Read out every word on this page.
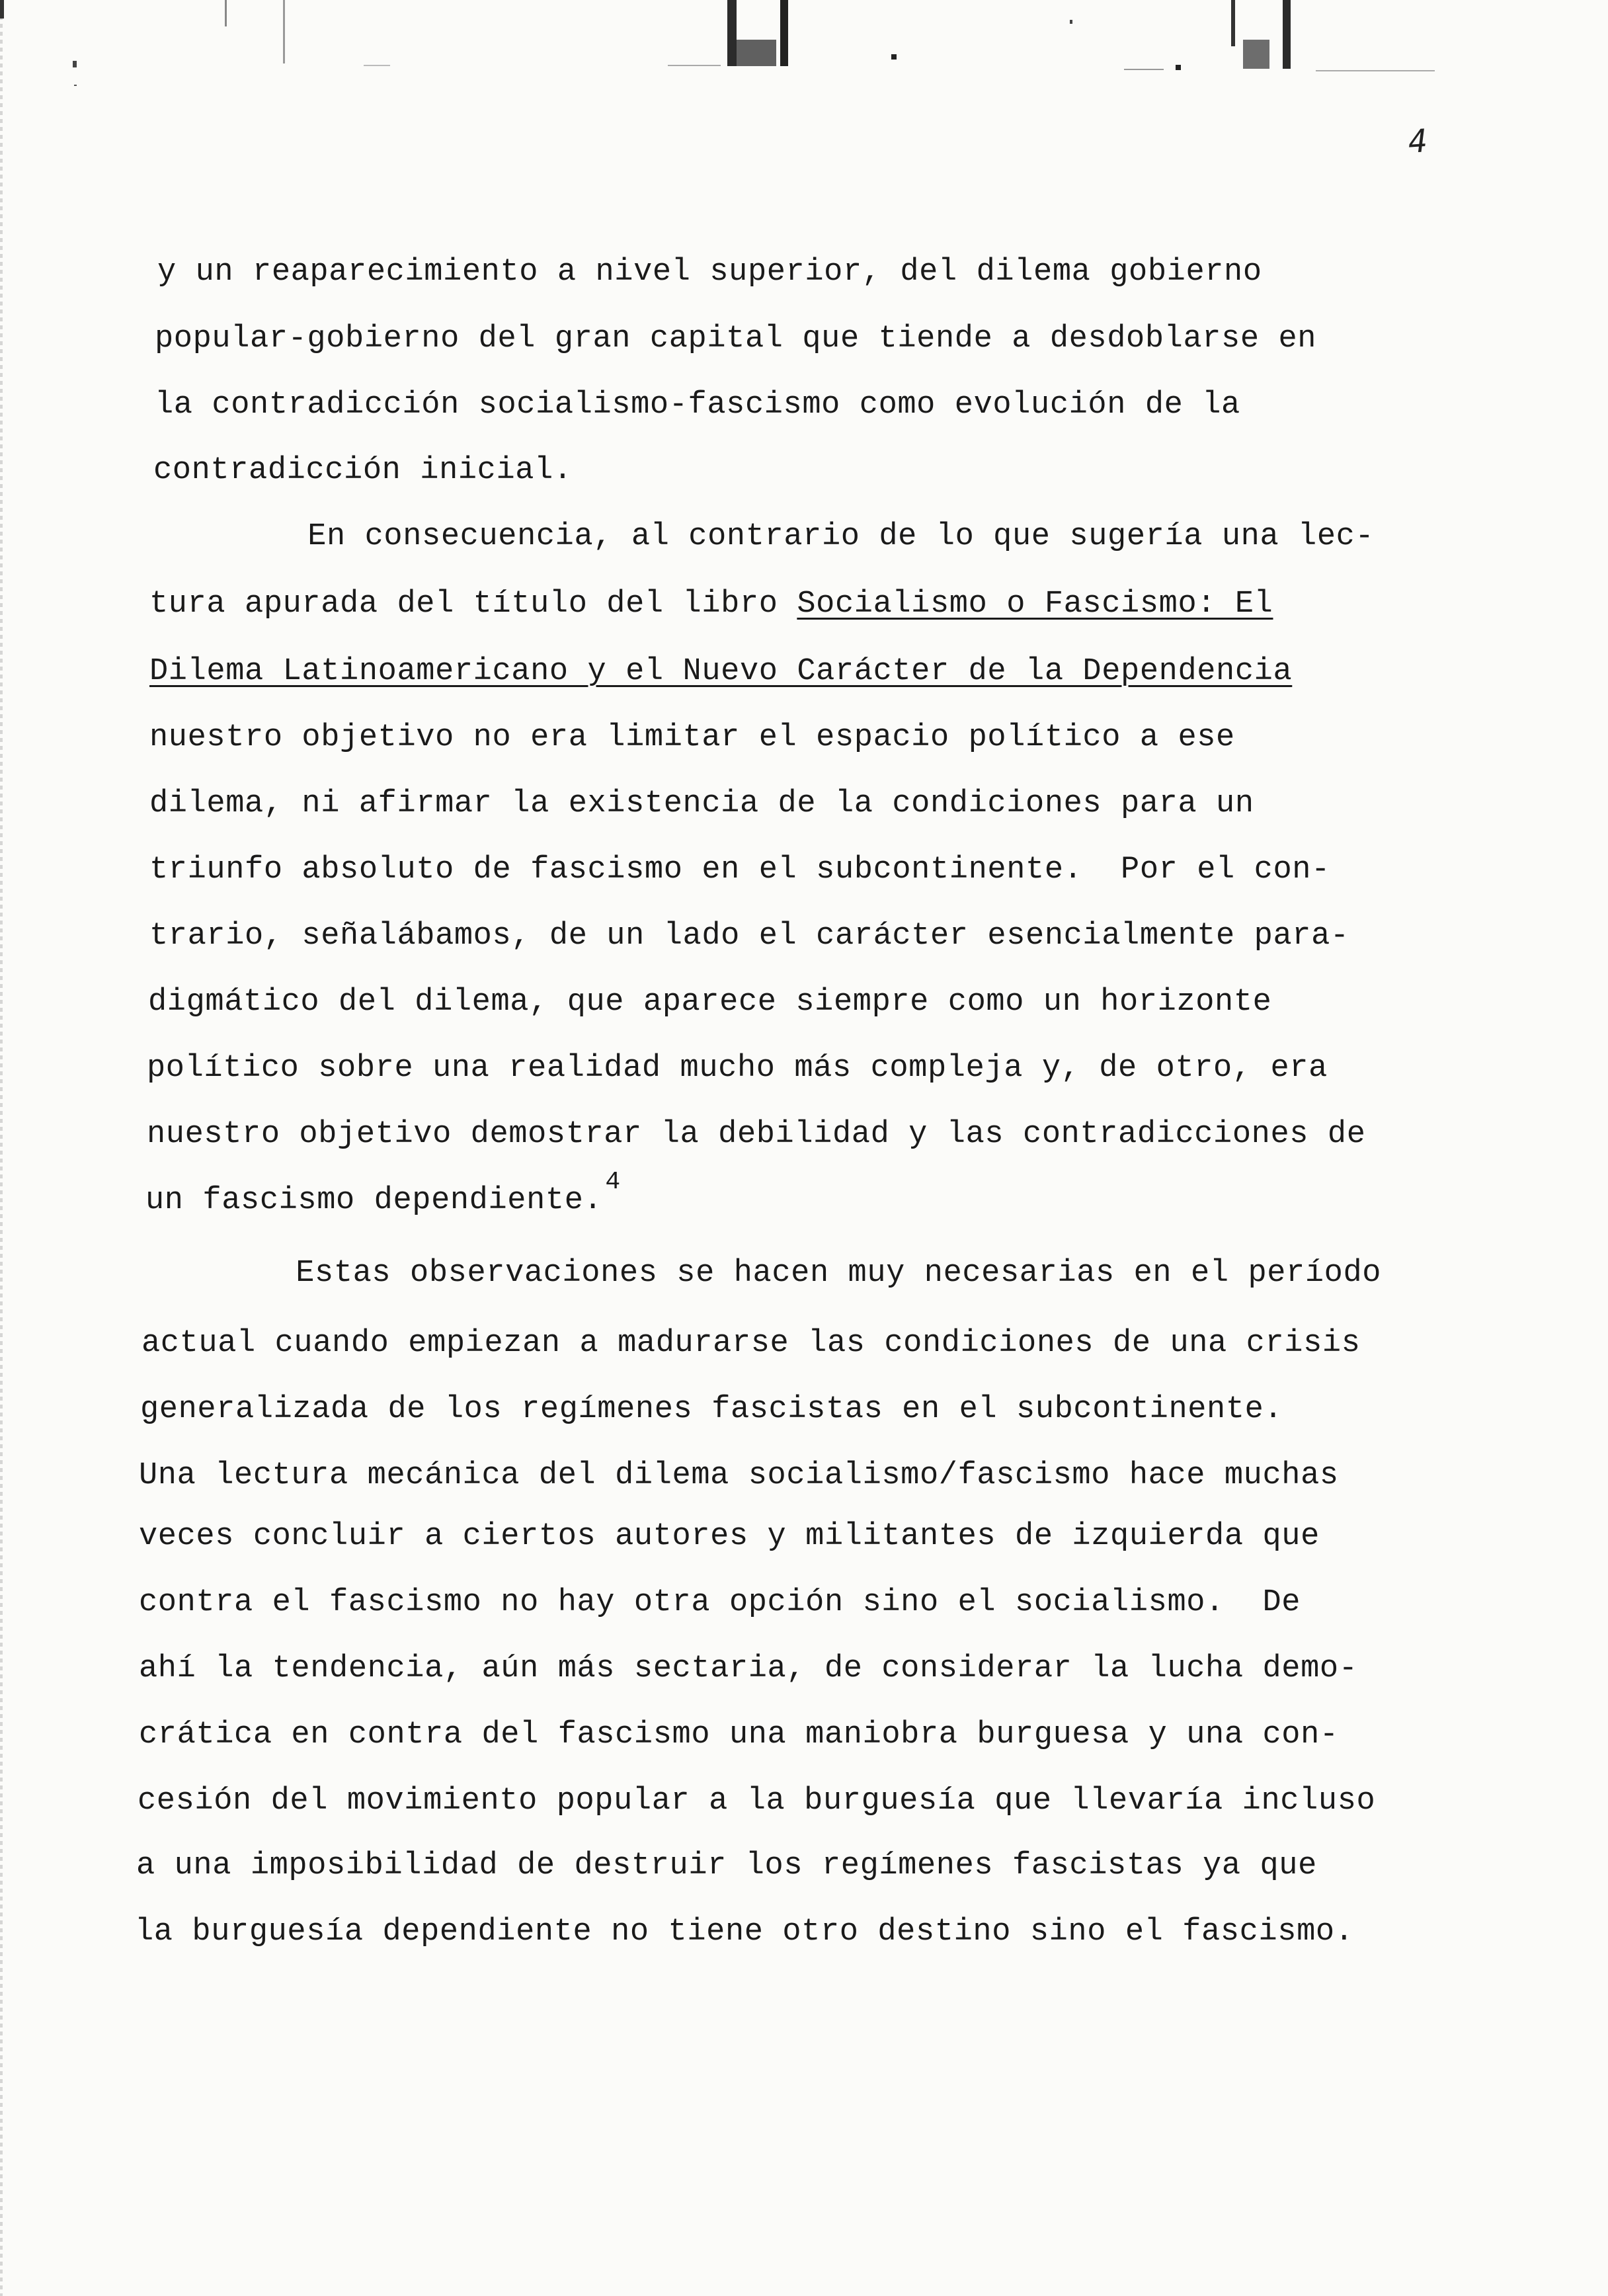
4
y un reaparecimiento a nivel superior, del dilema gobierno
popular-gobierno del gran capital que tiende a desdoblarse en
la contradicción socialismo-fascismo como evolución de la
contradicción inicial.
En consecuencia, al contrario de lo que sugería una lec-
tura apurada del título del libro Socialismo o Fascismo: El
Dilema Latinoamericano y el Nuevo Carácter de la Dependencia
nuestro objetivo no era limitar el espacio político a ese
dilema, ni afirmar la existencia de la condiciones para un
triunfo absoluto de fascismo en el subcontinente.  Por el con-
trario, señalábamos, de un lado el carácter esencialmente para-
digmático del dilema, que aparece siempre como un horizonte
político sobre una realidad mucho más compleja y, de otro, era
nuestro objetivo demostrar la debilidad y las contradicciones de
un fascismo dependiente.$^4$
Estas observaciones se hacen muy necesarias en el período
actual cuando empiezan a madurarse las condiciones de una crisis
generalizada de los regímenes fascistas en el subcontinente.
Una lectura mecánica del dilema socialismo/fascismo hace muchas
veces concluir a ciertos autores y militantes de izquierda que
contra el fascismo no hay otra opción sino el socialismo.  De
ahí la tendencia, aún más sectaria, de considerar la lucha demo-
crática en contra del fascismo una maniobra burguesa y una con-
cesión del movimiento popular a la burguesía que llevaría incluso
a una imposibilidad de destruir los regímenes fascistas ya que
la burguesía dependiente no tiene otro destino sino el fascismo.
